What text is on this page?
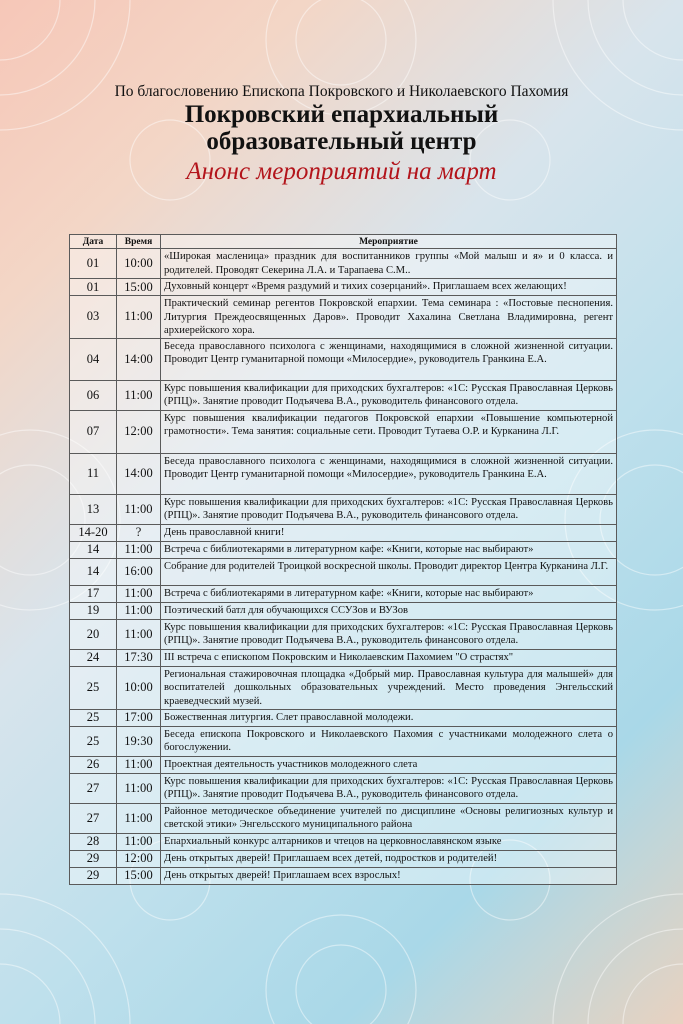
По благословению Епископа Покровского и Николаевского Пахомия
Покровский епархиальный
образовательный центр
Анонс мероприятий на март
Дата	Время	Мероприятие
01	10:00	«Широкая масленица» праздник для воспитанников группы «Мой малыш и я» и 0 класса. и родителей. Проводят Секерина Л.А. и Тарапаева С.М..
01	15:00	Духовный концерт «Время раздумий и тихих созерцаний». Приглашаем всех желающих!
03	11:00	Практический семинар регентов Покровской епархии. Тема семинара : «Постовые песнопения. Литургия Преждеосвященных Даров». Проводит Хахалина Светлана Владимировна, регент архиерейского хора.
04	14:00	Беседа православного психолога с женщинами, находящимися в сложной жизненной ситуации. Проводит Центр гуманитарной помощи «Милосердие», руководитель Гранкина Е.А.
06	11:00	Курс повышения квалификации для приходских бухгалтеров: «1С: Русская Православная Церковь (РПЦ)». Занятие проводит Подъячева В.А., руководитель финансового отдела.
07	12:00	Курс повышения квалификации педагогов Покровской епархии «Повышение компьютерной грамотности». Тема занятия: социальные сети. Проводит Тутаева О.Р. и Курканина Л.Г.
11	14:00	Беседа православного психолога с женщинами, находящимися в сложной жизненной ситуации. Проводит Центр гуманитарной помощи «Милосердие», руководитель Гранкина Е.А.
13	11:00	Курс повышения квалификации для приходских бухгалтеров: «1С: Русская Православная Церковь (РПЦ)». Занятие проводит Подъячева В.А., руководитель финансового отдела.
14-20	?	День православной книги!
14	11:00	Встреча с библиотекарями в литературном кафе: «Книги, которые нас выбирают»
14	16:00	Собрание для родителей Троицкой воскресной школы. Проводит директор Центра Курканина Л.Г.
17	11:00	Встреча с библиотекарями в литературном кафе: «Книги, которые нас выбирают»
19	11:00	Поэтический батл для обучающихся ССУЗов и ВУЗов
20	11:00	Курс повышения квалификации для приходских бухгалтеров: «1С: Русская Православная Церковь (РПЦ)». Занятие проводит Подъячева В.А., руководитель финансового отдела.
24	17:30	III встреча с епископом Покровским и Николаевским Пахомием "О страстях"
25	10:00	Региональная стажировочная площадка «Добрый мир. Православная культура для малышей» для воспитателей дошкольных образовательных учреждений. Место проведения Энгельсский краеведческий музей.
25	17:00	Божественная литургия. Слет православной молодежи.
25	19:30	Беседа епископа Покровского и Николаевского Пахомия с участниками молодежного слета о богослужении.
26	11:00	Проектная деятельность участников молодежного слета
27	11:00	Курс повышения квалификации для приходских бухгалтеров: «1С: Русская Православная Церковь (РПЦ)». Занятие проводит Подъячева В.А., руководитель финансового отдела.
27	11:00	Районное методическое объединение учителей по дисциплине «Основы религиозных культур и светской этики» Энгельсского муниципального района
28	11:00	Епархиальный конкурс алтарников и чтецов на церковнославянском языке
29	12:00	День открытых дверей! Приглашаем всех детей, подростков и родителей!
29	15:00	День открытых дверей! Приглашаем всех взрослых!
